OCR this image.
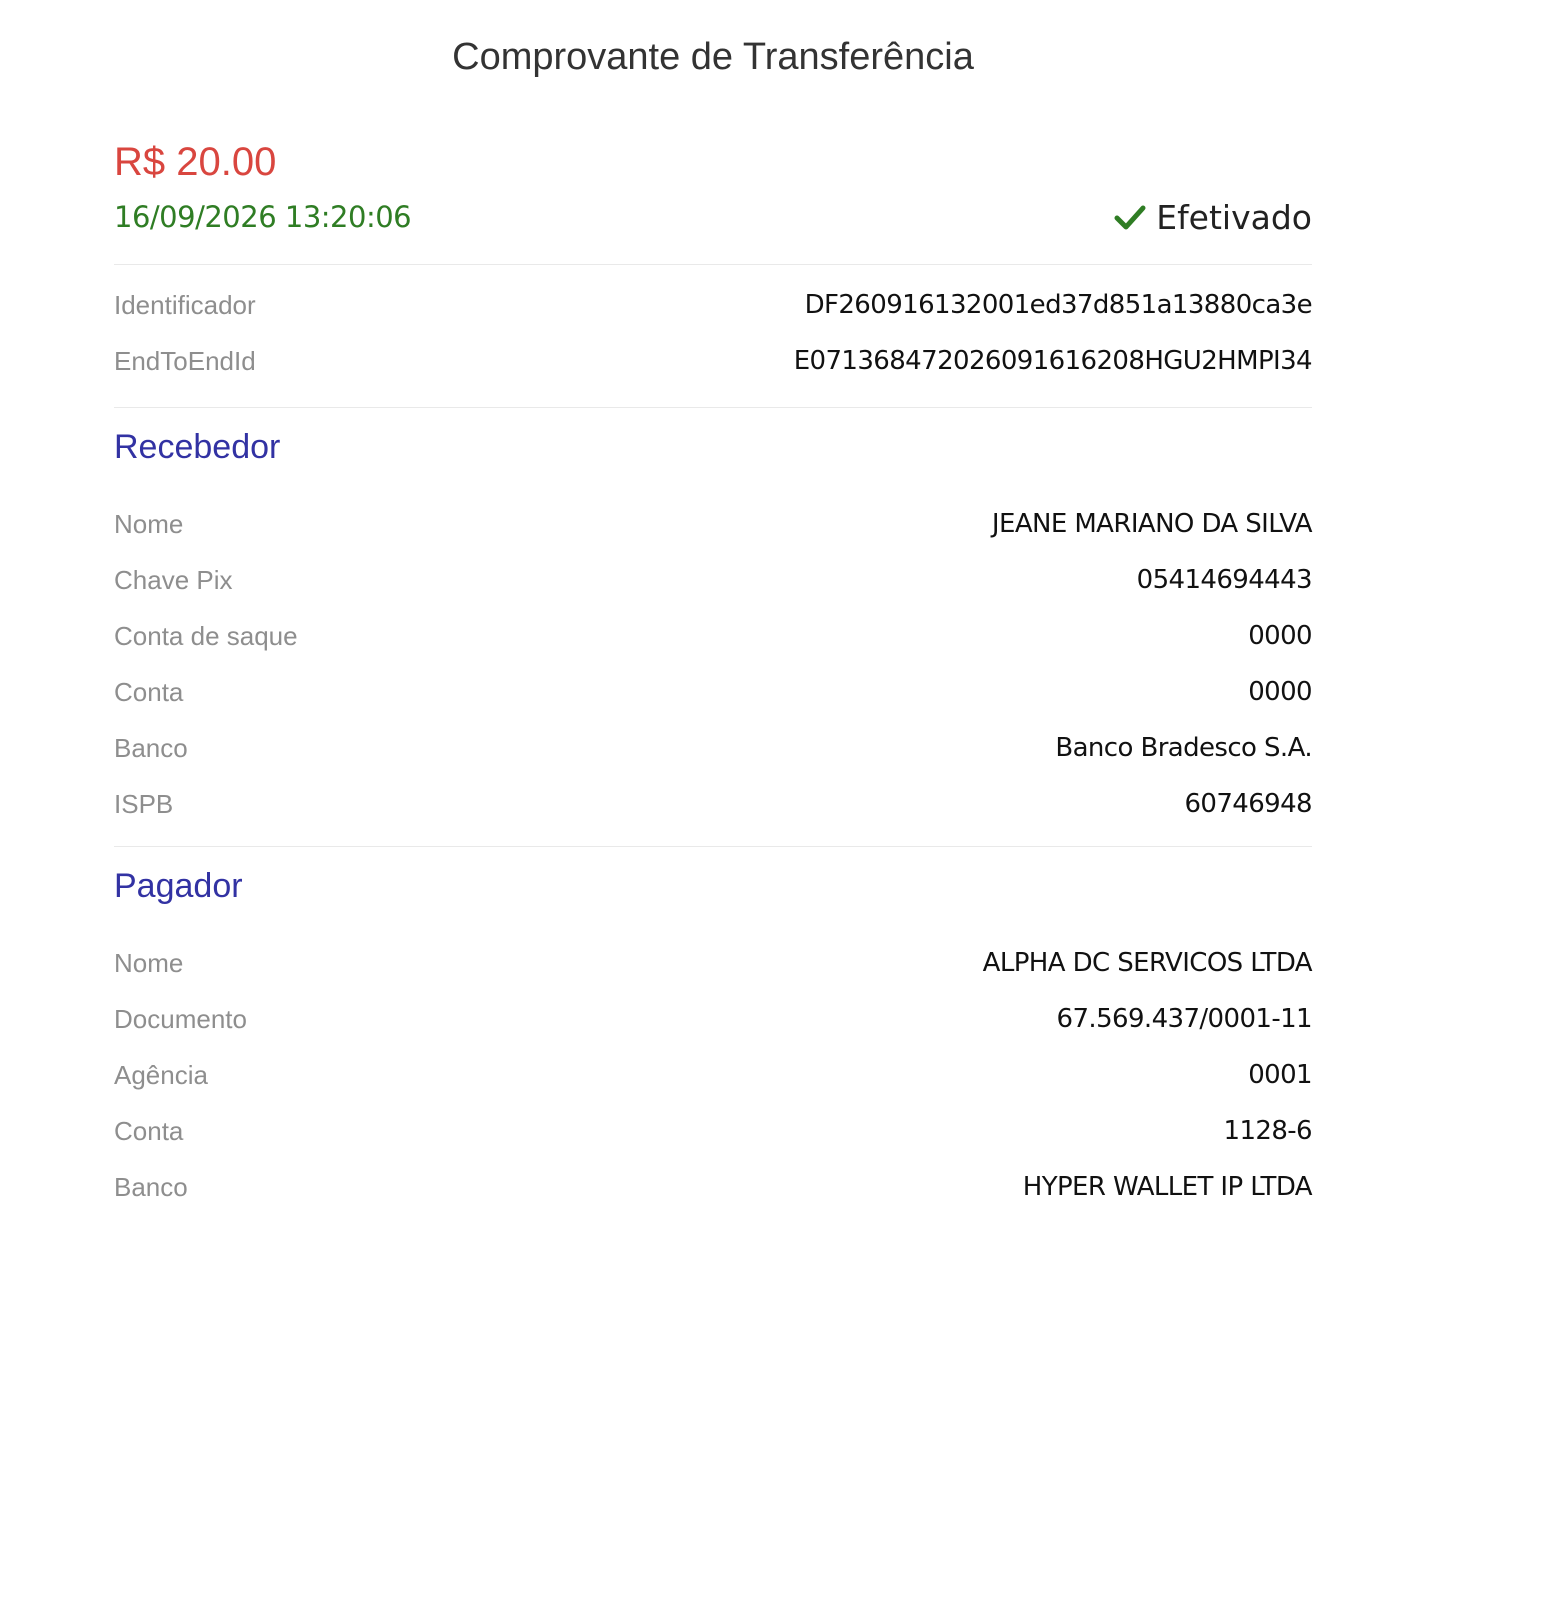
Comprovante de Transferência
R$ 20.00
16/09/2026 13:20:06	Efetivado
Identificador	DF260916132001ed37d851a13880ca3e
EndToEndId	E071368472026091616208HGU2HMPI34
Recebedor
Nome	JEANE MARIANO DA SILVA
Chave Pix	05414694443
Conta de saque	0000
Conta	0000
Banco	Banco Bradesco S.A.
ISPB	60746948
Pagador
Nome	ALPHA DC SERVICOS LTDA
Documento	67.569.437/0001-11
Agência	0001
Conta	1128-6
Banco	HYPER WALLET IP LTDA
